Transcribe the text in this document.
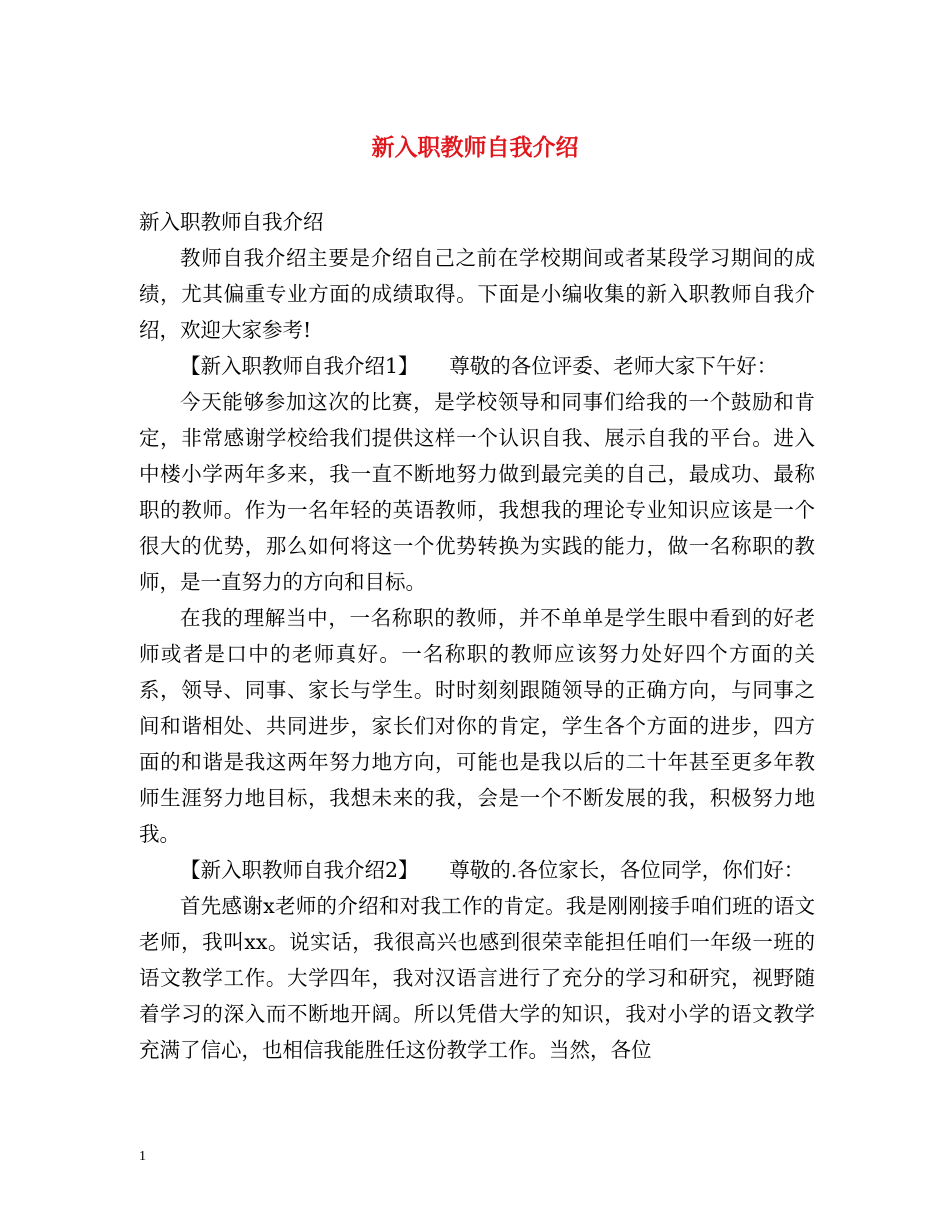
新入职教师自我介绍

新入职教师自我介绍

教师自我介绍主要是介绍自己之前在学校期间或者某段学习期间的成绩，尤其偏重专业方面的成绩取得。下面是小编收集的新入职教师自我介绍，欢迎大家参考!

【新入职教师自我介绍1】　　尊敬的各位评委、老师大家下午好：

今天能够参加这次的比赛，是学校领导和同事们给我的一个鼓励和肯定，非常感谢学校给我们提供这样一个认识自我、展示自我的平台。进入中楼小学两年多来，我一直不断地努力做到最完美的自己，最成功、最称职的教师。作为一名年轻的英语教师，我想我的理论专业知识应该是一个很大的优势，那么如何将这一个优势转换为实践的能力，做一名称职的教师，是一直努力的方向和目标。

在我的理解当中，一名称职的教师，并不单单是学生眼中看到的好老师或者是口中的老师真好。一名称职的教师应该努力处好四个方面的关系，领导、同事、家长与学生。时时刻刻跟随领导的正确方向，与同事之间和谐相处、共同进步，家长们对你的肯定，学生各个方面的进步，四方面的和谐是我这两年努力地方向，可能也是我以后的二十年甚至更多年教师生涯努力地目标，我想未来的我，会是一个不断发展的我，积极努力地我。

【新入职教师自我介绍2】　　尊敬的.各位家长，各位同学，你们好：

首先感谢x老师的介绍和对我工作的肯定。我是刚刚接手咱们班的语文老师，我叫xx。说实话，我很高兴也感到很荣幸能担任咱们一年级一班的语文教学工作。大学四年，我对汉语言进行了充分的学习和研究，视野随着学习的深入而不断地开阔。所以凭借大学的知识，我对小学的语文教学充满了信心，也相信我能胜任这份教学工作。当然，各位

1
